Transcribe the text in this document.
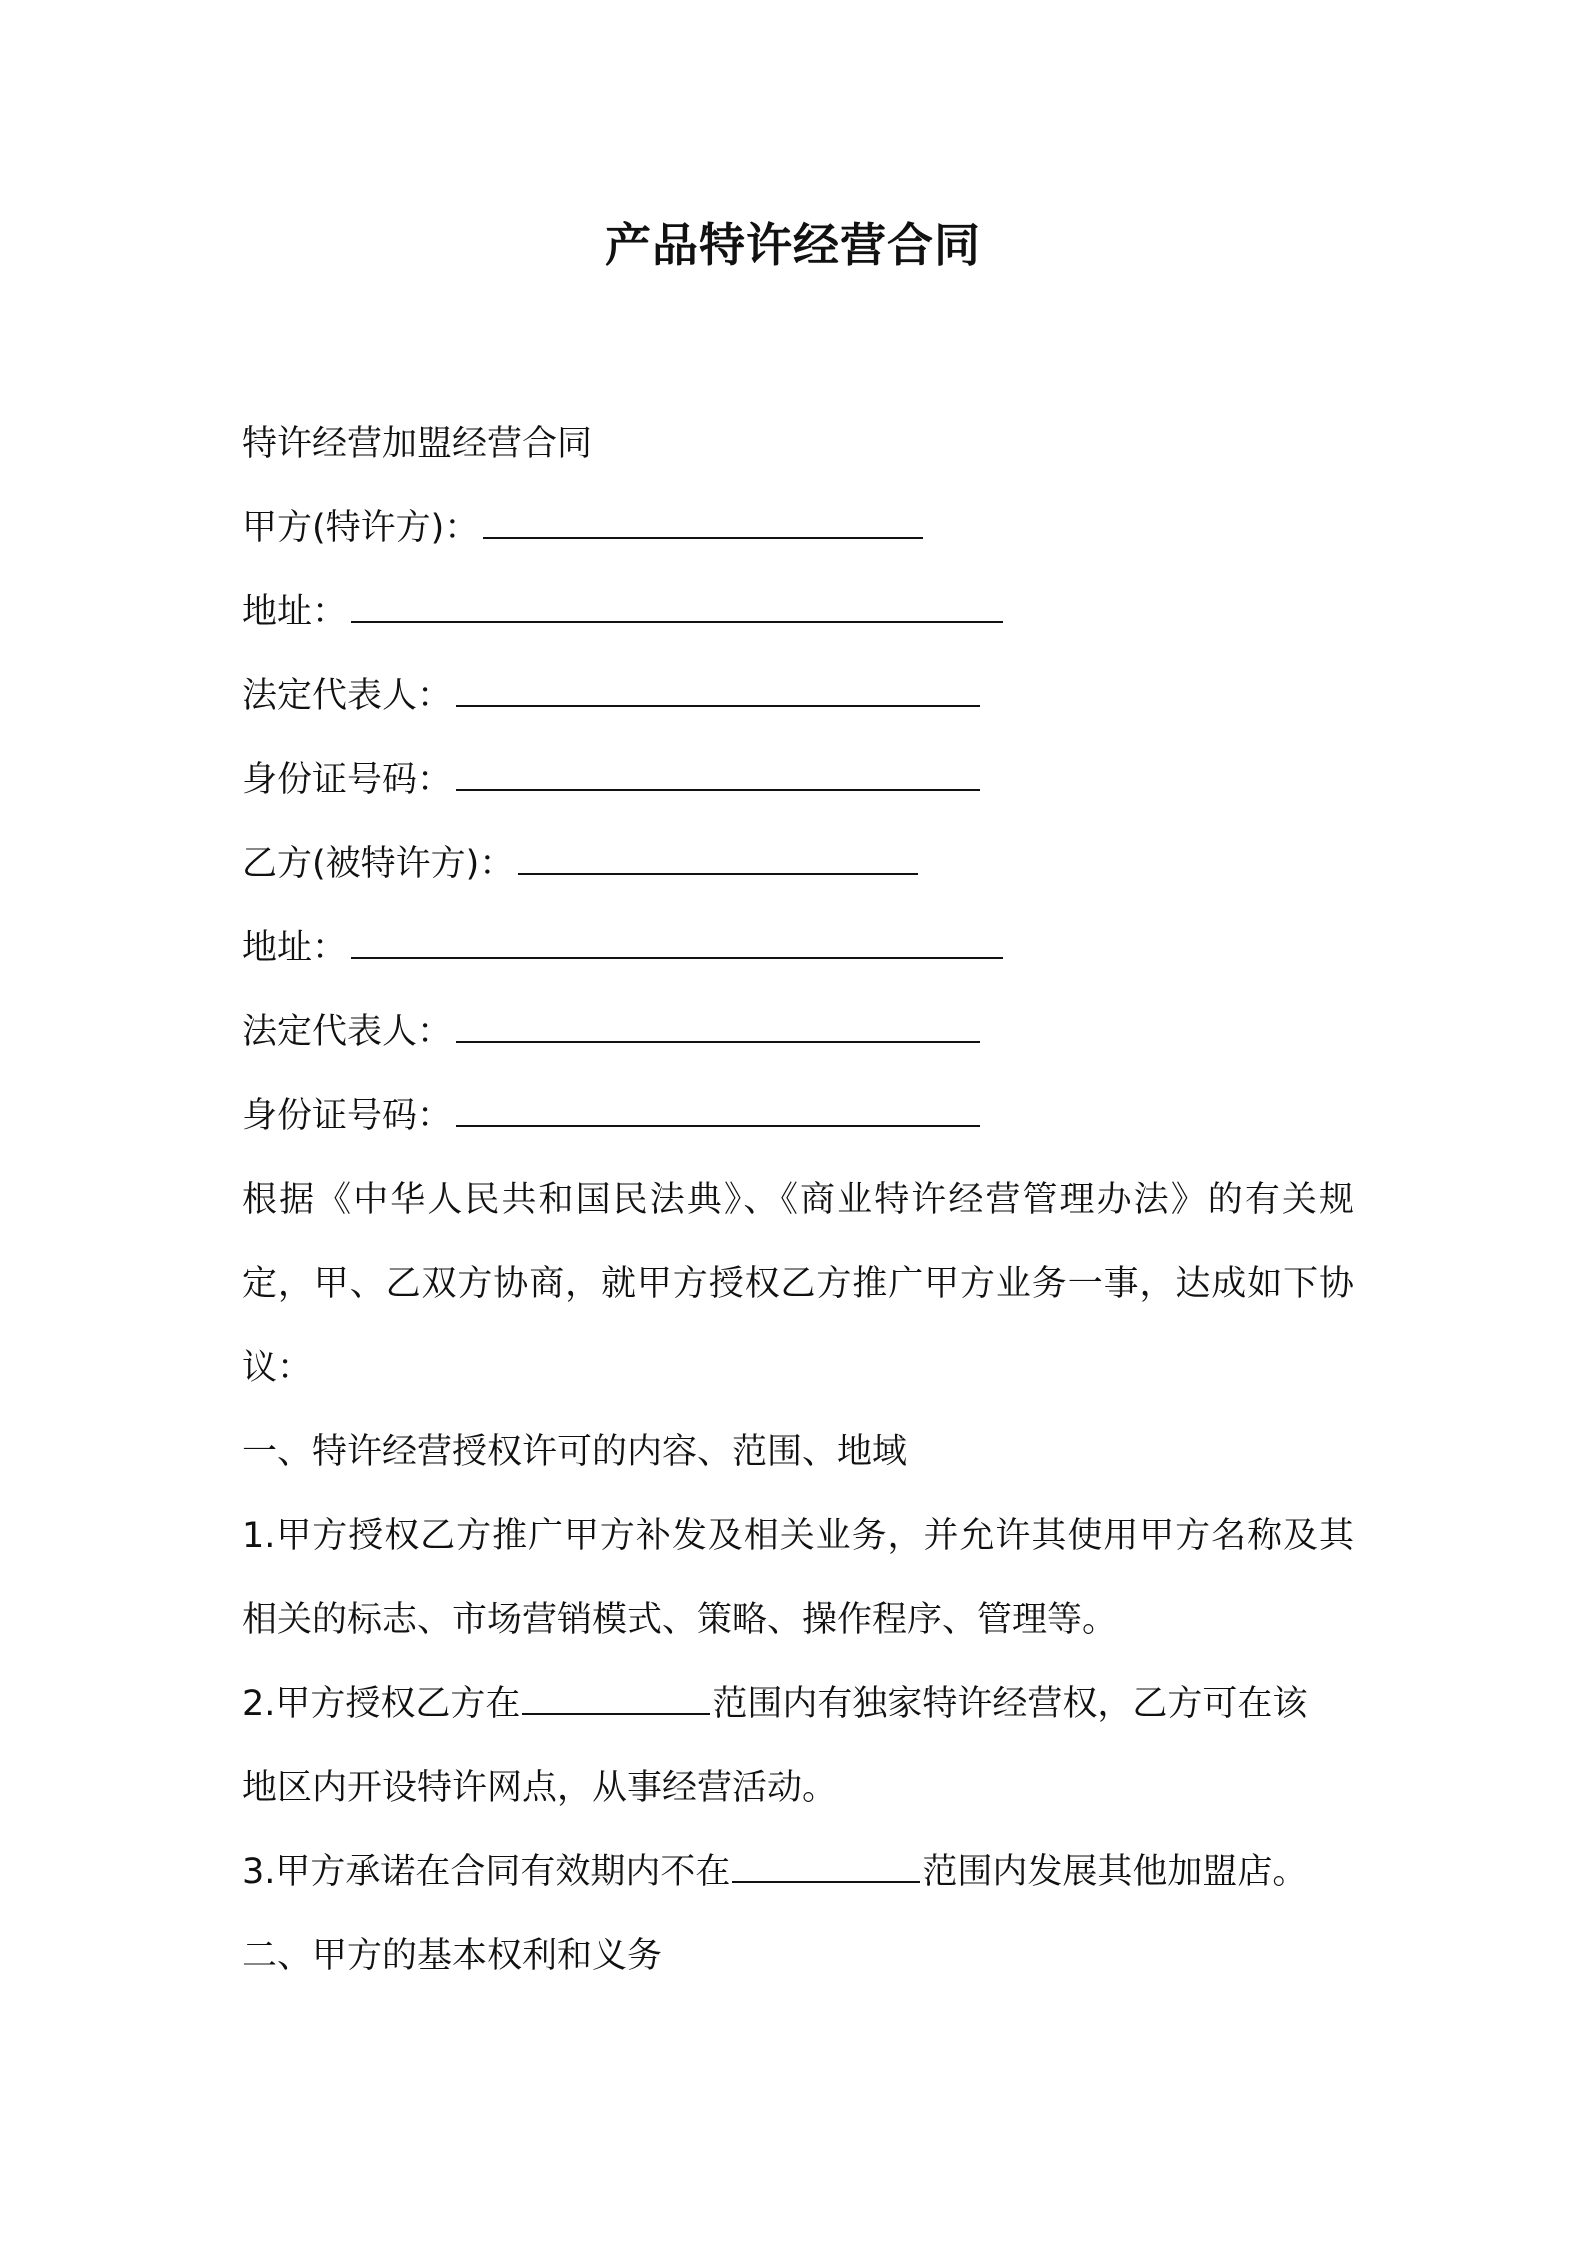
产品特许经营合同
特许经营加盟经营合同
甲方(特许方)：
地址：
法定代表人：
身份证号码：
乙方(被特许方)：
地址：
法定代表人：
身份证号码：
根据《中华人民共和国民法典》、《商业特许经营管理办法》的有关规定，甲、乙双方协商，就甲方授权乙方推广甲方业务一事，达成如下协议：
一、特许经营授权许可的内容、范围、地域
1.甲方授权乙方推广甲方补发及相关业务，并允许其使用甲方名称及其相关的标志、市场营销模式、策略、操作程序、管理等。
2.甲方授权乙方在	范围内有独家特许经营权，乙方可在该
地区内开设特许网点，从事经营活动。
3.甲方承诺在合同有效期内不在	范围内发展其他加盟店。
二、甲方的基本权利和义务
